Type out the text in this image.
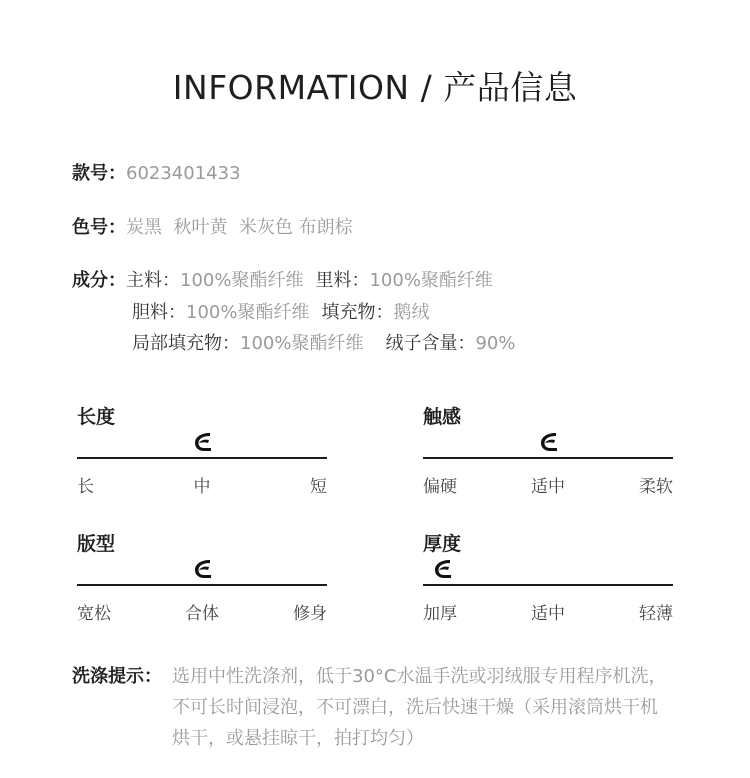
INFORMATION / 产品信息
款号：6023401433
色号：炭黑  秋叶黄  米灰色 布朗棕
成分：主料：100%聚酯纤维 里料：100%聚酯纤维
胆料：100%聚酯纤维 填充物：鹅绒
局部填充物：100%聚酯纤维 绒子含量：90%
长度
长	中	短
触感
偏硬	适中	柔软
版型
宽松	合体	修身
厚度
加厚	适中	轻薄
洗涤提示： 选用中性洗涤剂，低于30°C水温手洗或羽绒服专用程序机洗，
不可长时间浸泡，不可漂白，洗后快速干燥（采用滚筒烘干机
烘干，或悬挂晾干，拍打均匀）
